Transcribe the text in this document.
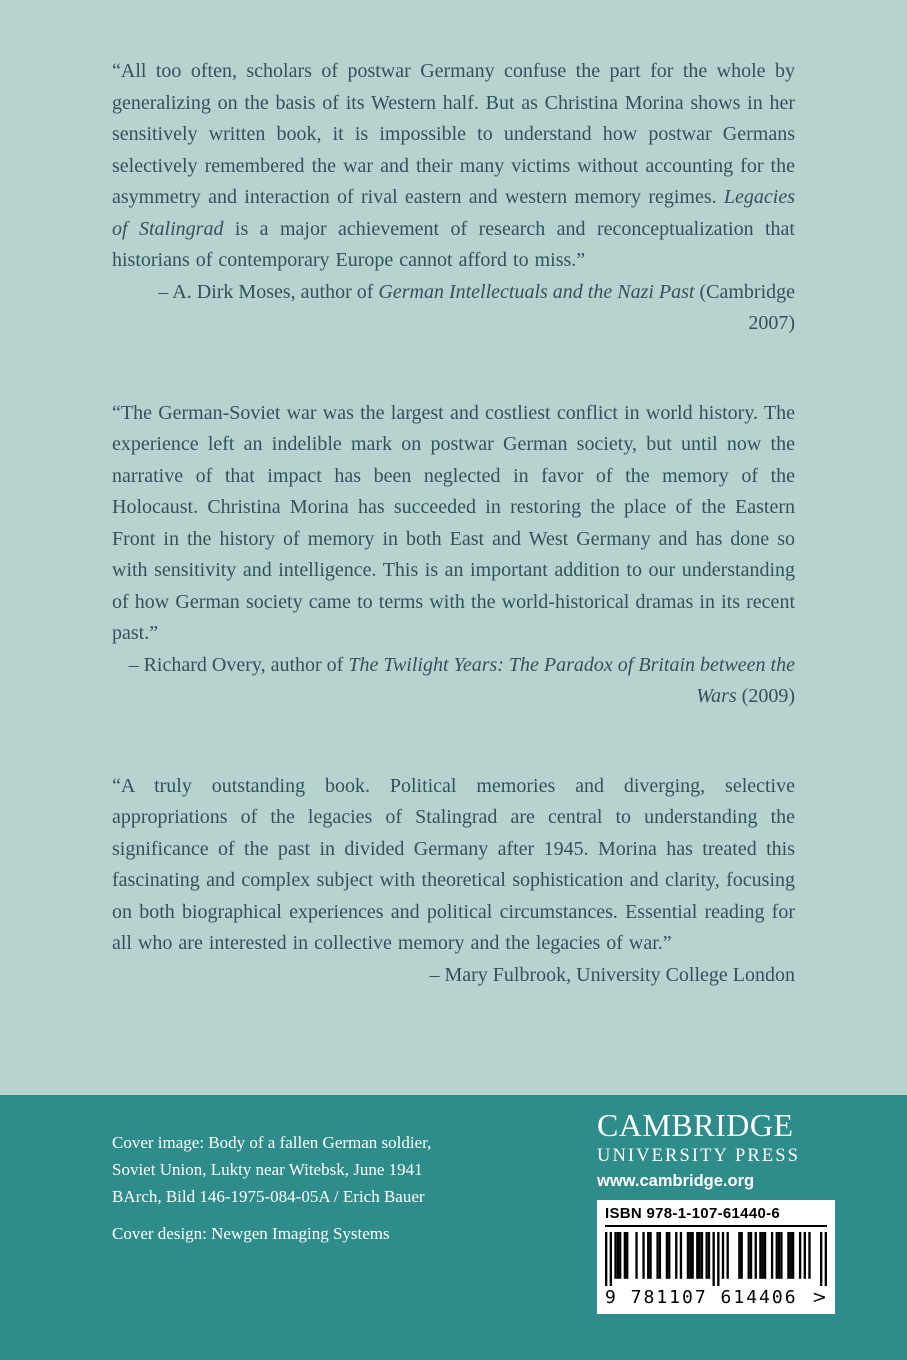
“All too often, scholars of postwar Germany confuse the part for the whole by generalizing on the basis of its Western half. But as Christina Morina shows in her sensitively written book, it is impossible to understand how postwar Germans selectively remembered the war and their many victims without accounting for the asymmetry and interaction of rival eastern and western memory regimes. Legacies of Stalingrad is a major achievement of research and reconceptualization that historians of contemporary Europe cannot afford to miss.”

– A. Dirk Moses, author of German Intellectuals and the Nazi Past (Cambridge 2007)

“The German-Soviet war was the largest and costliest conflict in world history. The experience left an indelible mark on postwar German society, but until now the narrative of that impact has been neglected in favor of the memory of the Holocaust. Christina Morina has succeeded in restoring the place of the Eastern Front in the history of memory in both East and West Germany and has done so with sensitivity and intelligence. This is an important addition to our understanding of how German society came to terms with the world-historical dramas in its recent past.”

– Richard Overy, author of The Twilight Years: The Paradox of Britain between the Wars (2009)

“A truly outstanding book. Political memories and diverging, selective appropriations of the legacies of Stalingrad are central to understanding the significance of the past in divided Germany after 1945. Morina has treated this fascinating and complex subject with theoretical sophistication and clarity, focusing on both biographical experiences and political circumstances. Essential reading for all who are interested in collective memory and the legacies of war.”

– Mary Fulbrook, University College London

Cover image: Body of a fallen German soldier,
Soviet Union, Lukty near Witebsk, June 1941
BArch, Bild 146-1975-084-05A / Erich Bauer
Cover design: Newgen Imaging Systems
CAMBRIDGE
UNIVERSITY PRESS
www.cambridge.org
ISBN 978-1-107-61440-6
9 781107 614406 >
